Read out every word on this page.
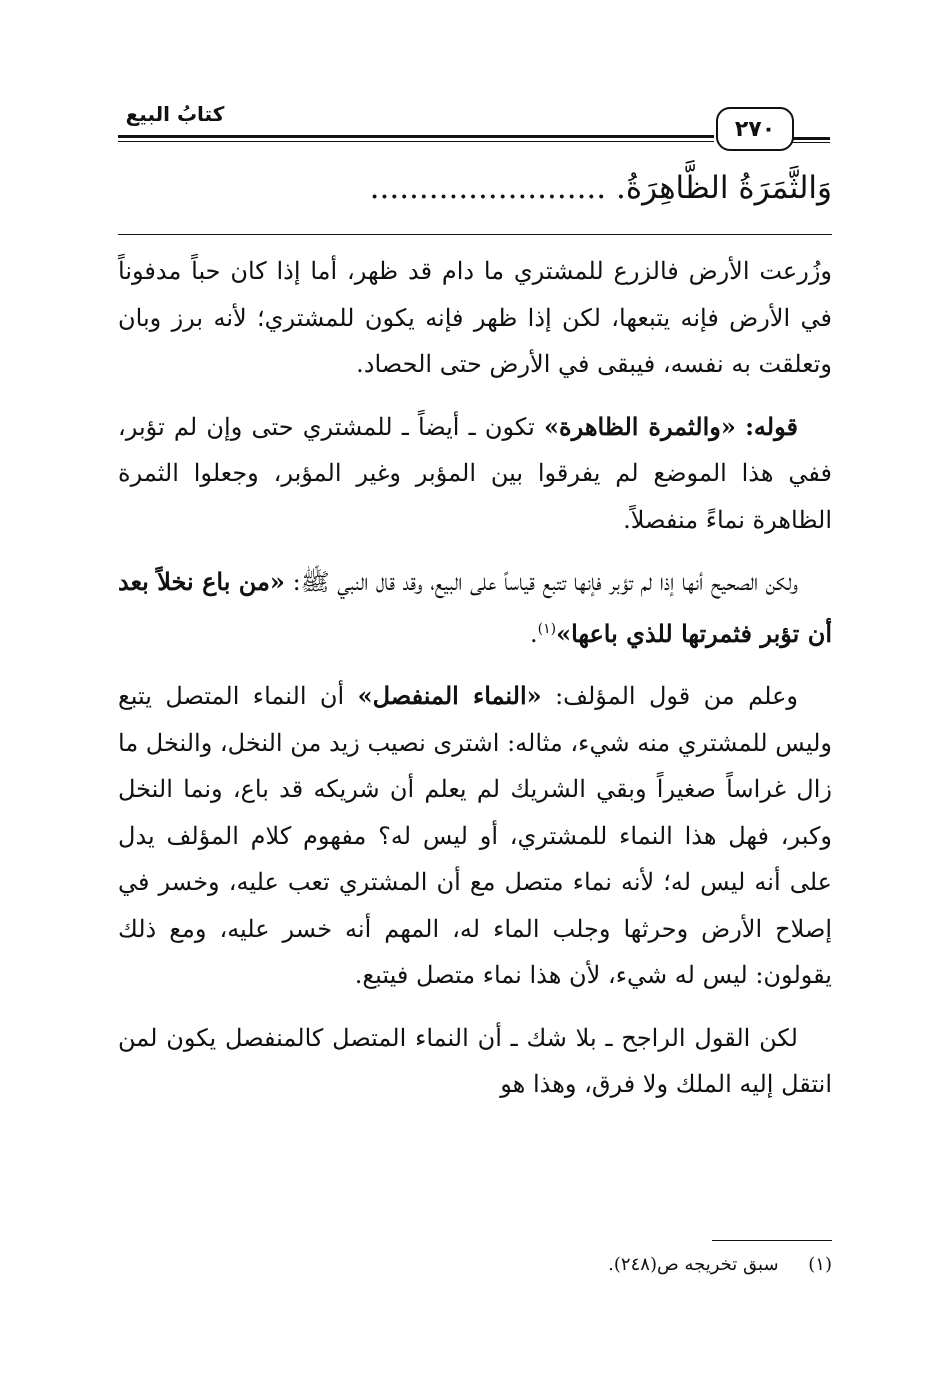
كتابُ البيع
٢٧٠
وَالثَّمَرَةُ الظَّاهِرَةُ. ........................

وزُرعت الأرض فالزرع للمشتري ما دام قد ظهر، أما إذا كان حباً مدفوناً في الأرض فإنه يتبعها، لكن إذا ظهر فإنه يكون للمشتري؛ لأنه برز وبان وتعلقت به نفسه، فيبقى في الأرض حتى الحصاد.

قوله: «والثمرة الظاهرة» تكون ـ أيضاً ـ للمشتري حتى وإن لم تؤبر، ففي هذا الموضع لم يفرقوا بين المؤبر وغير المؤبر، وجعلوا الثمرة الظاهرة نماءً منفصلاً.

ولكن الصحيح أنها إذا لم تؤبر فإنها تتبع قياساً على البيع، وقد قال النبي ﷺ: «من باع نخلاً بعد أن تؤبر فثمرتها للذي باعها»$^{(١)}$.

وعلم من قول المؤلف: «النماء المنفصل» أن النماء المتصل يتبع وليس للمشتري منه شيء، مثاله: اشترى نصيب زيد من النخل، والنخل ما زال غراساً صغيراً وبقي الشريك لم يعلم أن شريكه قد باع، ونما النخل وكبر، فهل هذا النماء للمشتري، أو ليس له؟ مفهوم كلام المؤلف يدل على أنه ليس له؛ لأنه نماء متصل مع أن المشتري تعب عليه، وخسر في إصلاح الأرض وحرثها وجلب الماء له، المهم أنه خسر عليه، ومع ذلك يقولون: ليس له شيء، لأن هذا نماء متصل فيتبع.

لكن القول الراجح ـ بلا شك ـ أن النماء المتصل كالمنفصل يكون لمن انتقل إليه الملك ولا فرق، وهذا هو

(١) سبق تخريجه ص(٢٤٨).
